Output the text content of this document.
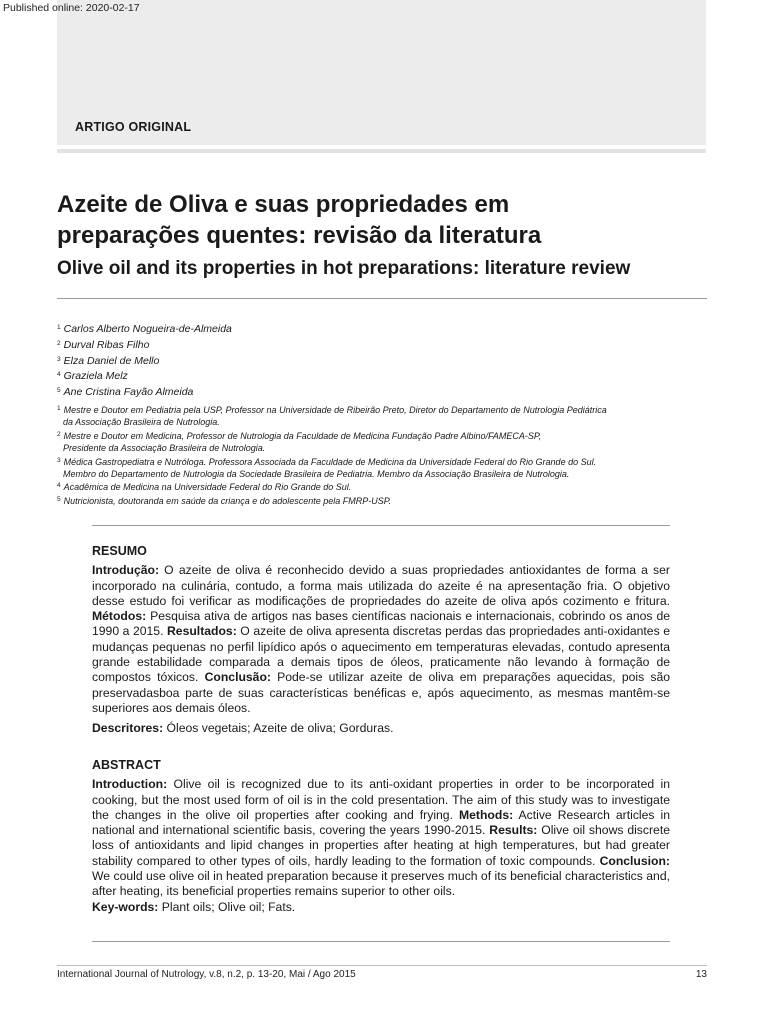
Published online: 2020-02-17
ARTIGO ORIGINAL
Azeite de Oliva e suas propriedades em
preparações quentes: revisão da literatura
Olive oil and its properties in hot preparations: literature review
$^1$ Carlos Alberto Nogueira-de-Almeida
$^2$ Durval Ribas Filho
$^3$ Elza Daniel de Mello
$^4$ Graziela Melz
$^5$ Ane Cristina Fayão Almeida
$^1$ Mestre e Doutor em Pediatria pela USP, Professor na Universidade de Ribeirão Preto, Diretor do Departamento de Nutrologia Pediátrica
da Associação Brasileira de Nutrologia.
$^2$ Mestre e Doutor em Medicina, Professor de Nutrologia da Faculdade de Medicina Fundação Padre Albino/FAMECA-SP,
Presidente da Associação Brasileira de Nutrologia.
$^3$ Médica Gastropediatra e Nutróloga. Professora Associada da Faculdade de Medicina da Universidade Federal do Rio Grande do Sul.
Membro do Departamento de Nutrologia da Sociedade Brasileira de Pediatria. Membro da Associação Brasileira de Nutrologia.
$^4$ Acadêmica de Medicina na Universidade Federal do Rio Grande do Sul.
$^5$ Nutricionista, doutoranda em saúde da criança e do adolescente pela FMRP-USP.
RESUMO

Introdução: O azeite de oliva é reconhecido devido a suas propriedades antioxidantes de forma a ser incorporado na culinária, contudo, a forma mais utilizada do azeite é na apresentação fria. O objetivo desse estudo foi verificar as modificações de propriedades do azeite de oliva após cozimento e fritura. Métodos: Pesquisa ativa de artigos nas bases científicas nacionais e internacionais, cobrindo os anos de 1990 a 2015. Resultados: O azeite de oliva apresenta discretas perdas das propriedades anti-oxidantes e mudanças pequenas no perfil lipídico após o aquecimento em temperaturas elevadas, contudo apresenta grande estabilidade comparada a demais tipos de óleos, praticamente não levando à formação de compostos tóxicos. Conclusão: Pode-se utilizar azeite de oliva em preparações aquecidas, pois são preservadasboa parte de suas características benéficas e, após aquecimento, as mesmas mantêm-se superiores aos demais óleos.

Descritores: Óleos vegetais; Azeite de oliva; Gorduras.

ABSTRACT

Introduction: Olive oil is recognized due to its anti-oxidant properties in order to be incorporated in cooking, but the most used form of oil is in the cold presentation. The aim of this study was to investigate the changes in the olive oil properties after cooking and frying. Methods: Active Research articles in national and international scientific basis, covering the years 1990-2015. Results: Olive oil shows discrete loss of antioxidants and lipid changes in properties after heating at high temperatures, but had greater stability compared to other types of oils, hardly leading to the formation of toxic compounds. Conclusion: We could use olive oil in heated preparation because it preserves much of its beneficial characteristics and, after heating, its beneficial properties remains superior to other oils.

Key-words: Plant oils; Olive oil; Fats.

International Journal of Nutrology, v.8, n.2, p. 13-20, Mai / Ago 2015	13
